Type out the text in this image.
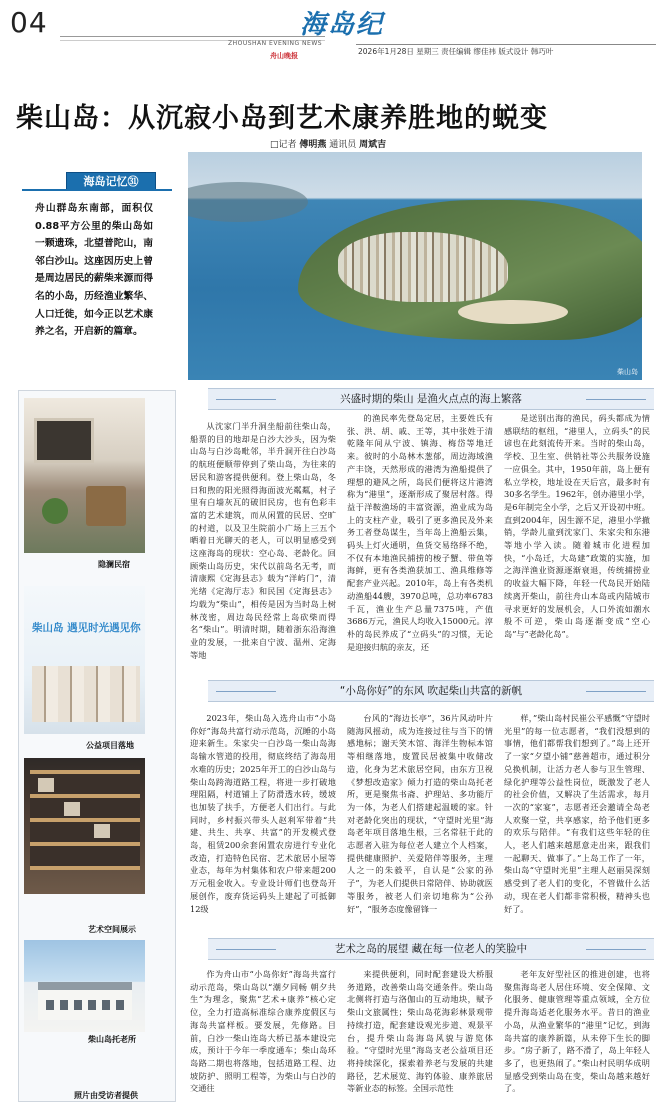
04	海岛纪
ZHOUSHAN EVENING NEWS
舟山晚报	2026年1月28日 星期三 责任编辑 缪佳祎 版式设计 韩巧叶
柴山岛：从沉寂小岛到艺术康养胜地的蜕变
□记者 傅明燕 通讯员 周斌吉
海岛记忆㉛
舟山群岛东南部，面积仅0.88平方公里的柴山岛如一颗遗珠，北望普陀山，南邻白沙山。这座因历史上曾是周边居民的薪柴来源而得名的小岛，历经渔业繁华、人口迁徙，如今正以艺术康养之名，开启新的篇章。
柴山岛
隐澜民宿
柴山岛 遇见时光遇见你
公益项目落地
艺术空间展示
柴山岛托老所
照片由受访者提供
兴盛时期的柴山 是渔火点点的海上繁落

从沈家门半升洞坐船前往柴山岛，船票的目的地却是白沙大沙头，因为柴山岛与白沙岛毗邻，半升洞开往白沙岛的航班便顺带停到了柴山岛，为往来的居民和游客提供便利。登上柴山岛，冬日和煦的阳光照得海面波光粼粼，村子里有白墙灰瓦的破旧民房，也有色彩丰富的艺术建筑，而从闲置的民居、空旷的村道，以及卫生院前小广场上三五个晒着日光聊天的老人，可以明显感受到这座海岛的现状：空心岛、老龄化。回顾柴山岛历史，宋代以前岛名无考，而清康熙《定海县志》载为“洋屿门”，清光绪《定海厅志》和民国《定海县志》均载为“柴山”，相传是因为当时岛上树林茂密，周边岛民经常上岛砍柴而得名“柴山”。明清时期，随着浙东沿海渔业的发展，一批来自宁波、温州、定海等地

的渔民率先登岛定居，主要姓氏有张、洪、胡、戚、王等，其中张姓于清乾隆年间从宁波、镇海、梅岱等地迁来。彼时的小岛林木葱郁，周边海域渔产丰饶，天然形成的港湾为渔船提供了理想的避风之所，岛民们便将这片港湾称为“港里”，逐渐形成了聚居村落。得益于洋鞍渔场的丰富资源，渔业成为岛上的支柱产业，吸引了更多渔民及外来务工者登岛谋生，当年岛上渔船云集，码头上灯火通明，鱼货交易络绎不绝，不仅有本地渔民捕捞的梭子蟹、带鱼等海鲜，更有各类渔获加工、渔具维修等配套产业兴起。2010年，岛上有各类机动渔船44艘，3970总吨，总功率6783千瓦，渔业生产总量7375吨，产值3686万元，渔民人均收入15000元。淳朴的岛民养成了“立码头”的习惯，无论是迎接归航的亲友，还

是送别出海的渔民，码头都成为情感联结的枢纽，“港里人，立码头”的民谚也在此刻流传开来。当时的柴山岛，学校、卫生室、供销社等公共服务设施一应俱全。其中，1950年前，岛上便有私立学校，地址设在天后宫，最多时有30多名学生。1962年，创办港里小学，是6年制完全小学，之后又开设初中班。直到2004年，因生源不足，港里小学撤销，学龄儿童到沈家门、朱家尖和东港等地小学入读。随着城市化进程加快，“小岛迁，大岛建”政策的实施，加之海洋渔业资源逐渐衰退，传统捕捞业的收益大幅下降，年轻一代岛民开始陆续离开柴山，前往舟山本岛或内陆城市寻求更好的发展机会，人口外流如潮水般不可逆，柴山岛逐渐变成“空心岛”与“老龄化岛”。

“小岛你好”的东风 吹起柴山共富的新帆

2023年，柴山岛入选舟山市“小岛你好”海岛共富行动示范岛，沉睡的小岛迎来新生。朱家尖一白沙岛一柴山岛海岛输水管道的投用，彻底终结了海岛用水难的历史；2025年开工的白沙山岛与柴山岛跨海道路工程，将进一步打破地理阻隔，村道铺上了防滑透水砖，缓坡也加装了扶手，方便老人们出行。与此同时，乡村振兴带头人赵利军带着“共建、共生、共享、共富”的开发模式登岛，租赁200余套闲置农房进行专业化改造，打造特色民宿、艺术旅居小屋等业态，每年为村集体和农户带来超200万元租金收入。专业设计师们也登岛开展创作，废弃货运码头上建起了可抵御12级

台风的“海边长亭”，36片风动叶片随海风摇动，成为连接过往与当下的情感地标；谢天笑木馆、海洋生物标本馆等相继落地，废置民居被集中收储改造，化身为艺术旅居空间，由东方卫视《梦想改造家》倾力打造的柴山岛托老所，更是聚焦书斋、护理站、多功能厅为一体，为老人们搭建起温暖的家。针对老龄化突出的现状，“守望时光里”海岛老年项目落地生根，三名常驻于此的志愿者入驻为每位老人建立个人档案，提供健康照护、关爱陪伴等服务，主理人之一的朱毅平，自认是“公家的孙子”，为老人们提供日常陪伴、协助就医等服务，被老人们亲切地称为“公孙好”，“服务态度像留锋一

样，”柴山岛村民崔公平感慨“守望时光里”的每一位志愿者，“我们没想到的事情，他们都帮我们想到了。”岛上还开了一家“夕望小铺”慈善超市，通过积分兑换机制，让活力老人参与卫生管理、绿化护理等公益性岗位，既激发了老人的社会价值，又解决了生活需求，每月一次的“家宴”，志愿者还会邀请全岛老人欢聚一堂，共享感家，给予他们更多的欢乐与陪伴。“有我们这些年轻的住人，老人们越来越愿意走出来，跟我们一起聊天、做事了。”上岛工作了一年，柴山岛“守望时光里”主理人赵丽昊深刻感受到了老人们的变化，不管做什么活动，现在老人们都非常积极，精神头也好了。

艺术之岛的展望 藏在每一位老人的笑脸中

作为舟山市“小岛你好”海岛共富行动示范岛，柴山岛以“潮夕同畅 朝夕共生”为理念，聚焦“艺术+康养”核心定位，全力打造高标准综合康养度假区与海岛共富样板。要发展，先修路。目前，白沙一柴山连岛大桥已基本建设完成，预计于今年一季度通车；柴山岛环岛路二期也将落地，包括道路工程、边坡防护、照明工程等，为柴山与白沙的交通往

来提供便利，同时配套建设大桥服务道路，改善柴山岛交通条件。柴山岛北侧将打造与洛伽山的互动地块，赋予柴山文旅属性；柴山岛花海彩林景观带持续打造，配套建设观光步道、观景平台，提升柴山岛海岛风貌与游览体验。“守望时光里”海岛支老公益项目还将持续深化，探索着养老与发展的共建路径，艺术展览、海钓体验、康养旅居等新业态的标签。全国示范性

老年友好型社区的推进创建，也将聚焦海岛老人居住环境、安全保障、文化服务、健康管理等重点领域，全方位提升海岛适老化服务水平。昔日的渔业小岛，从渔业繁华的“港里”记忆，到海岛共富的康养新篇，从未停下生长的脚步。“房子新了，路不滑了，岛上年轻人多了，也更热闹了。”柴山村民明华成明显感受到柴山岛在变，柴山岛越来越好了。
